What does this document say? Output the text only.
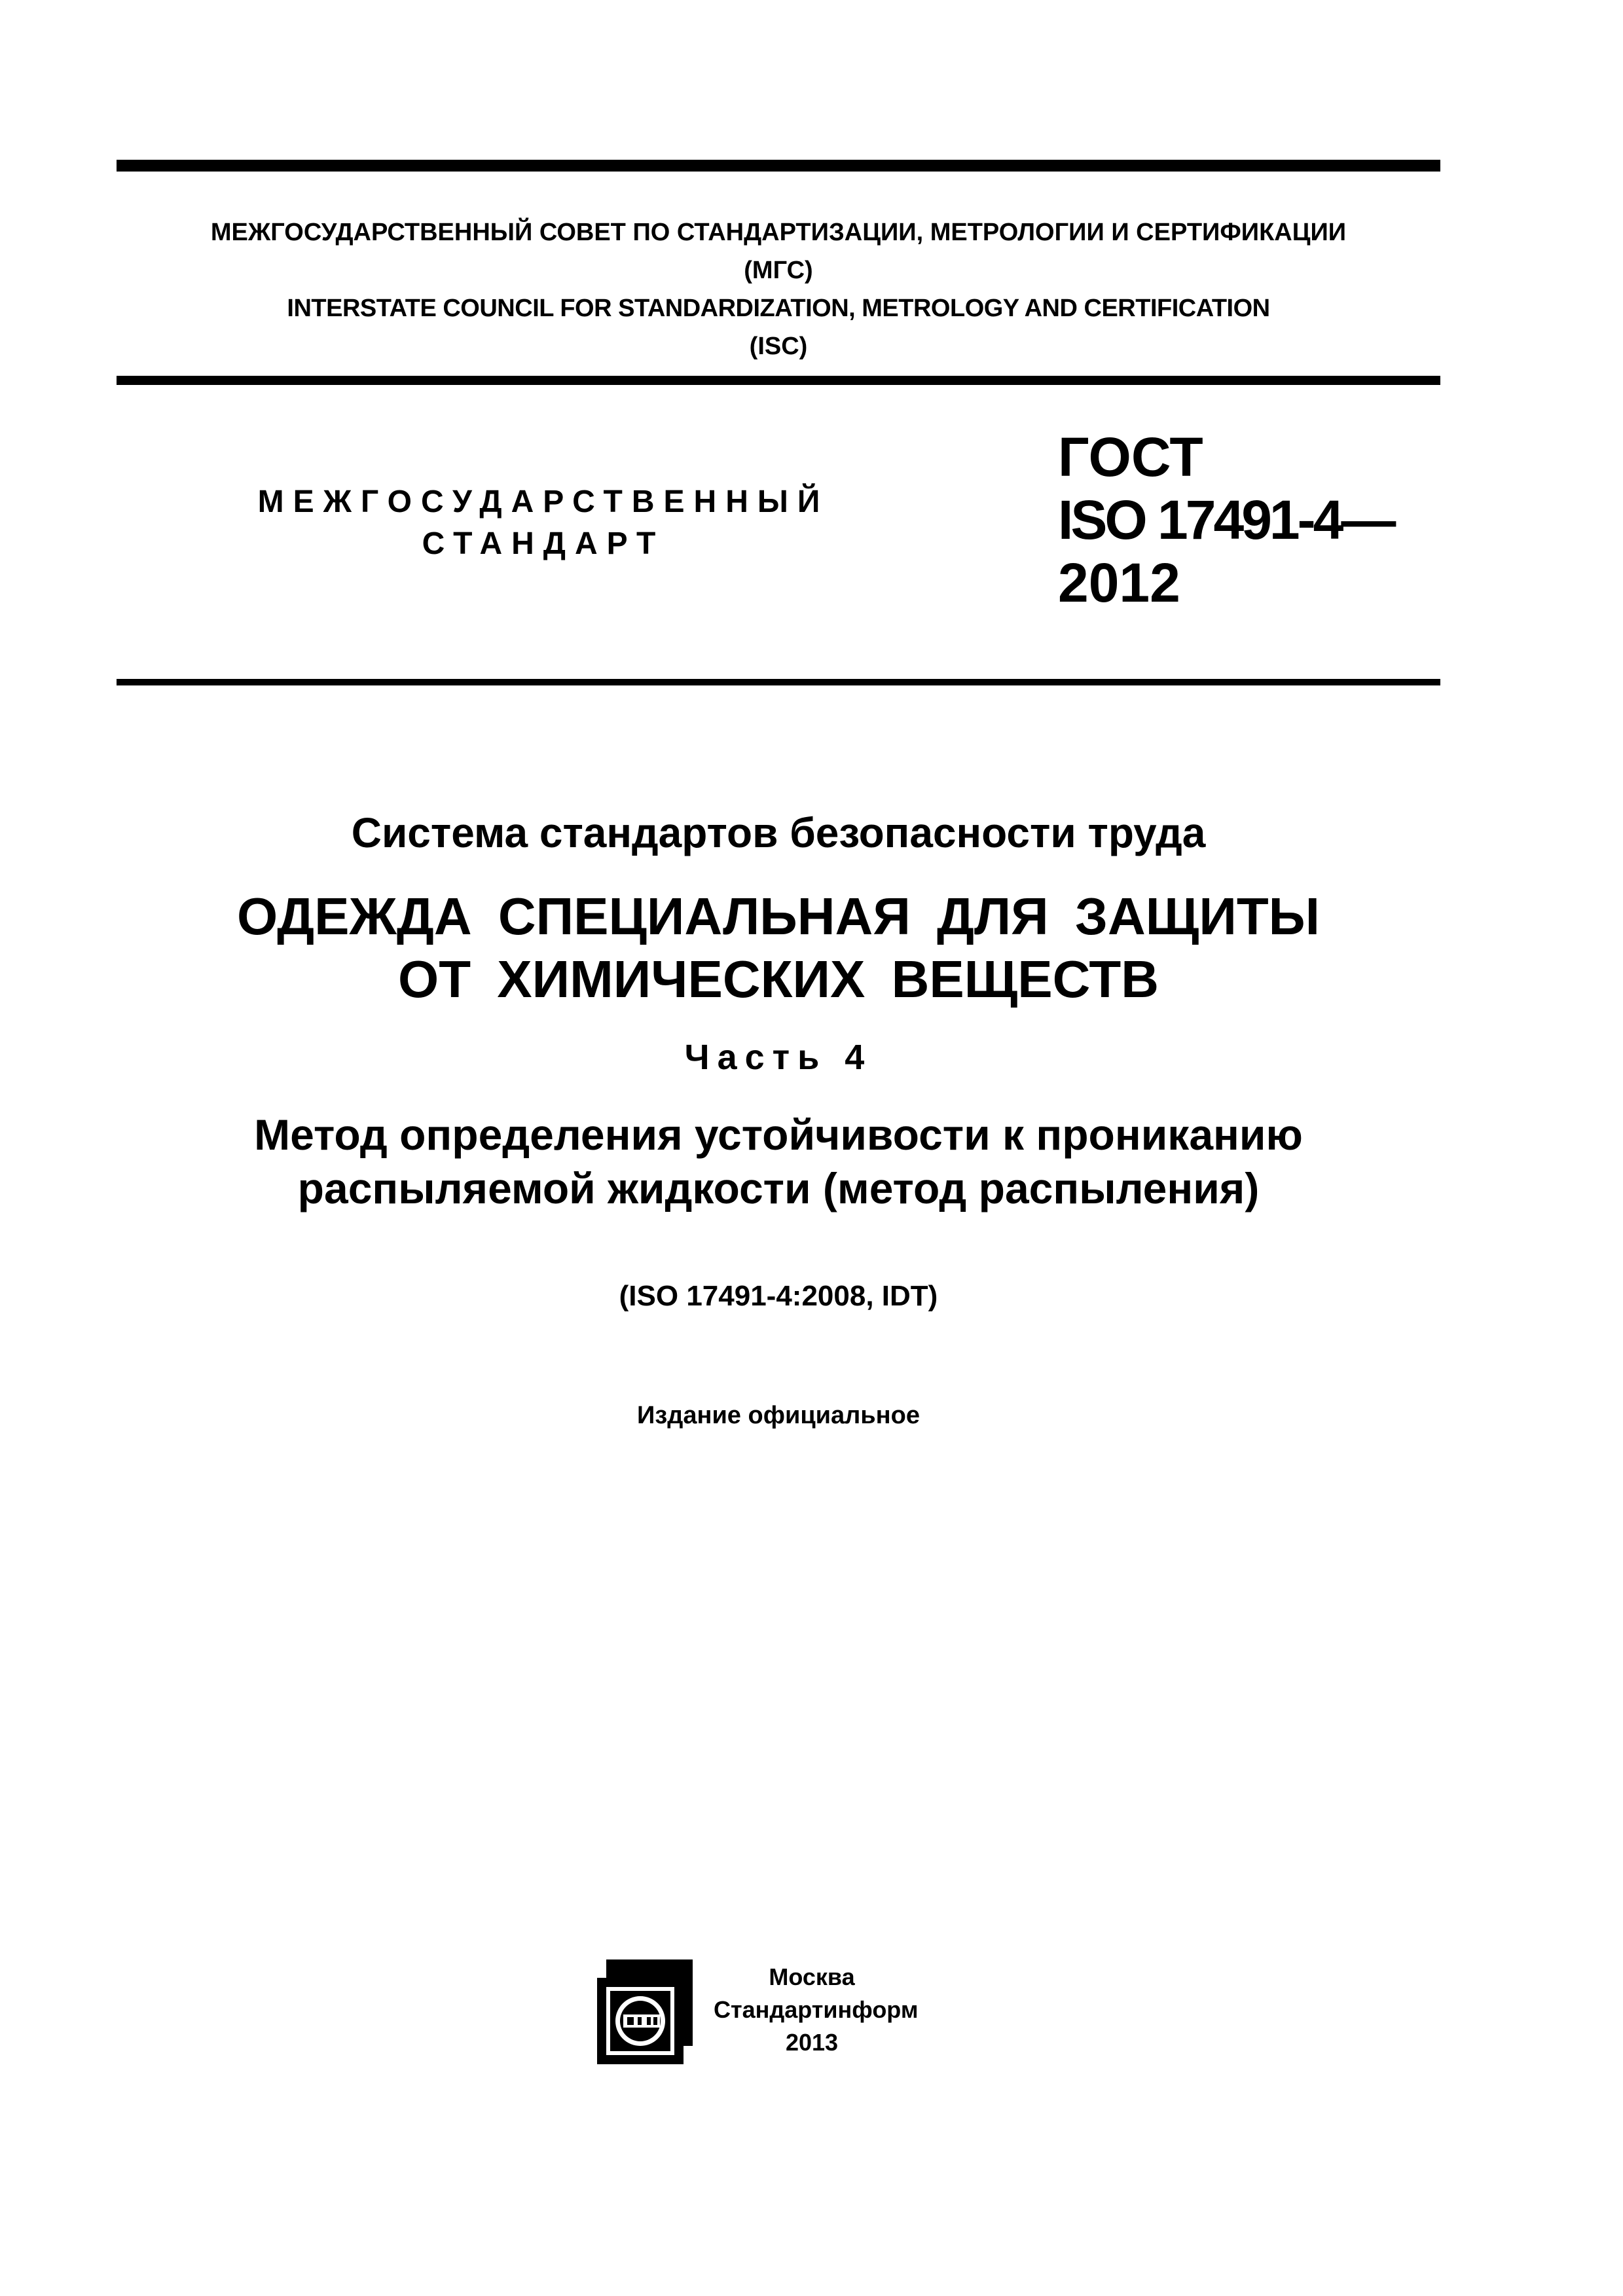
МЕЖГОСУДАРСТВЕННЫЙ СОВЕТ ПО СТАНДАРТИЗАЦИИ, МЕТРОЛОГИИ И СЕРТИФИКАЦИИ
(МГС)
INTERSTATE COUNCIL FOR STANDARDIZATION, METROLOGY AND CERTIFICATION
(ISC)
МЕЖГОСУДАРСТВЕННЫЙ
СТАНДАРТ
ГОСТ
ISO 17491-4—
2012
Система стандартов безопасности труда
ОДЕЖДА СПЕЦИАЛЬНАЯ ДЛЯ ЗАЩИТЫ
ОТ ХИМИЧЕСКИХ ВЕЩЕСТВ
Часть 4
Метод определения устойчивости к прониканию
распыляемой жидкости (метод распыления)
(ISO 17491-4:2008, IDT)
Издание официальное
Москва
Стандартинформ
2013
